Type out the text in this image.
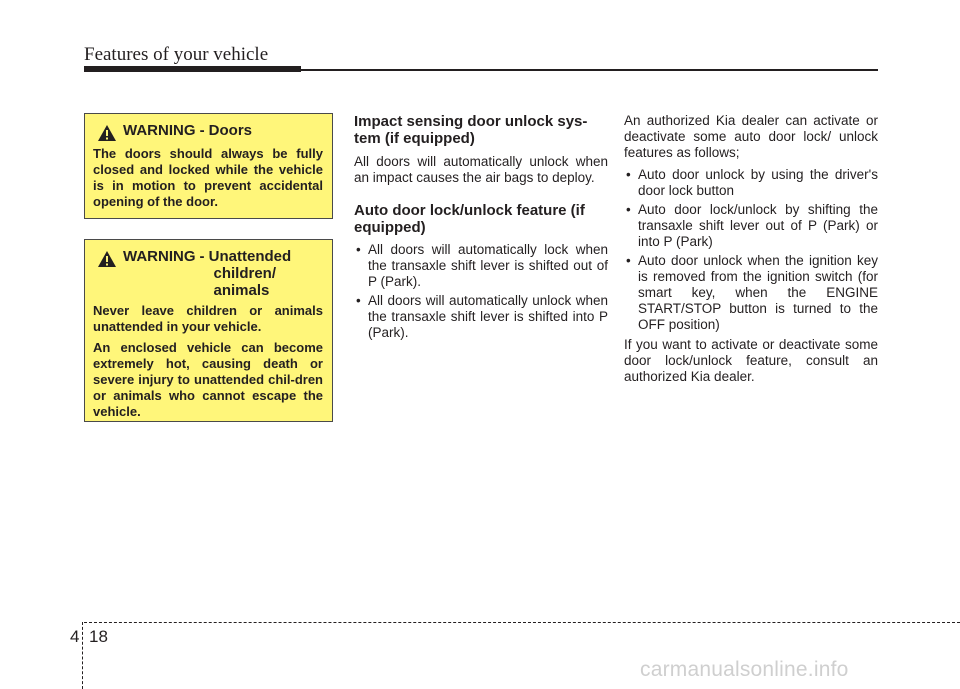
Features of your vehicle
WARNING - Doors

The doors should always be fully closed and locked while the vehicle is in motion to prevent accidental opening of the door.

WARNING - Unattended children/ animals

Never leave children or animals unattended in your vehicle.

An enclosed vehicle can become extremely hot, causing death or severe injury to unattended chil-dren or animals who cannot escape the vehicle.

Impact sensing door unlock sys-tem (if equipped)

All doors will automatically unlock when an impact causes the air bags to deploy.

Auto door lock/unlock feature (if equipped)
• All doors will automatically lock when the transaxle shift lever is shifted out of P (Park).
• All doors will automatically unlock when the transaxle shift lever is shifted into P (Park).

An authorized Kia dealer can activate or deactivate some auto door lock/ unlock features as follows;

• Auto door unlock by using the driver's door lock button
• Auto door lock/unlock by shifting the transaxle shift lever out of P (Park) or into P (Park)
• Auto door unlock when the ignition key is removed from the ignition switch (for smart key, when the ENGINE START/STOP button is turned to the OFF position)

If you want to activate or deactivate some door lock/unlock feature, consult an authorized Kia dealer.

4 18
carmanualsonline.info
